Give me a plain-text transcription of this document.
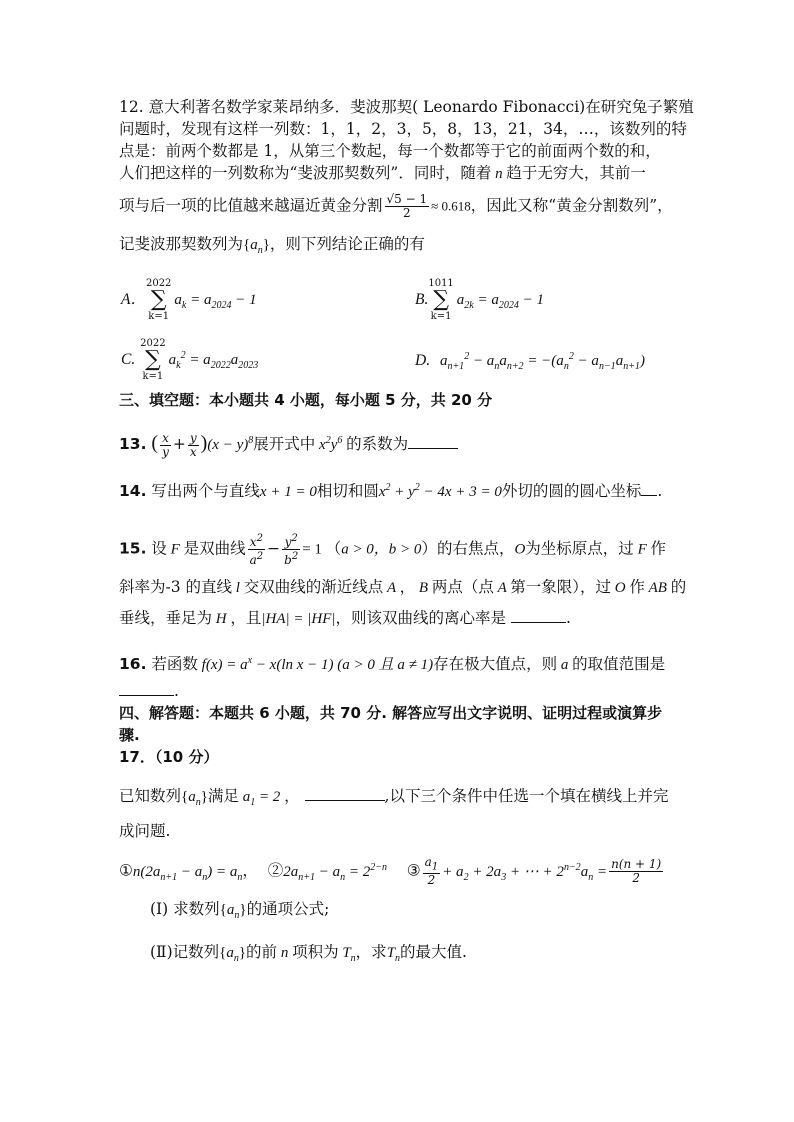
12. 意大利著名数学家莱昂纳多．斐波那契( Leonardo Fibonacci)在研究兔子繁殖
问题时，发现有这样一列数：1，1，2，3，5，8，13，21，34，…，该数列的特
点是：前两个数都是 1，从第三个数起，每一个数都等于它的前面两个数的和，
人们把这样的一列数称为“斐波那契数列”．同时，随着 n 趋于无穷大，其前一
项与后一项的比值越来越逼近黄金分割 $\frac{√5 - 1}{2} \approx 0.618$，因此又称“黄金分割数列”，
记斐波那契数列为$\{a_n\}$，则下列结论正确的有
A．2022
∑
$k=1a_k = a_{2024} - 1$	B.1011
∑
$k=1a_{2k} = a_{2024} - 1$
C. 2022
∑
$k=1a_k^2 = a_{2022}a_{2023}$	D. $a_{n+1}^2 - a_na_{n+2} = -(a_n^2 - a_{n-1}a_{n+1})$
三、填空题：本小题共 4 小题，每小题 5 分，共 20 分
13. ( $\frac{x}{y} + \frac{y}{x} )(x - y)^8$展开式中 $x^2y^6$ 的系数为
14. 写出两个与直线x + 1 = 0相切和圆$x^2 + y^2 - 4x + 3 = 0$外切的圆的圆心坐标 .
15. 设 F 是双曲线 $\frac{x^2}{a^2} - \frac{y^2}{b^2} = 1$ （a > 0，b > 0）的右焦点，O为坐标原点，过 F 作
斜率为-3 的直线 l 交双曲线的渐近线点 A ， B 两点（点 A 第一象限），过 O 作 AB 的
垂线，垂足为 H ，且|HA| = |HF|，则该双曲线的离心率是	.
16. 若函数 $f(x) = a^x - x(\ln$ x − 1) (a > 0 且 a ≠ 1)存在极大值点，则 a 的取值范围是
.
四、解答题：本题共 6 小题，共 70 分. 解答应写出文字说明、证明过程或演算步
骤.
17．（10 分）
已知数列$\{a_n\}$满足 $a_1 = 2$ ，	,以下三个条件中任选一个填在横线上并完
成问题.
$①n(2a_{n+1} - a_n) = a_n$，  $②2a_{n+1} - a_n = 2^{2-n}$ ③ $\frac{a_1}{2} + a_2 + 2a_3$ + ⋯ + $2^{n-2}a_n = \frac{n(n + 1)}{2}$
(Ⅰ) 求数列$\{a_n\}$的通项公式;
(Ⅱ)记数列$\{a_n\}$的前 n 项积为 $T_n$，求$T_n$的最大值.
